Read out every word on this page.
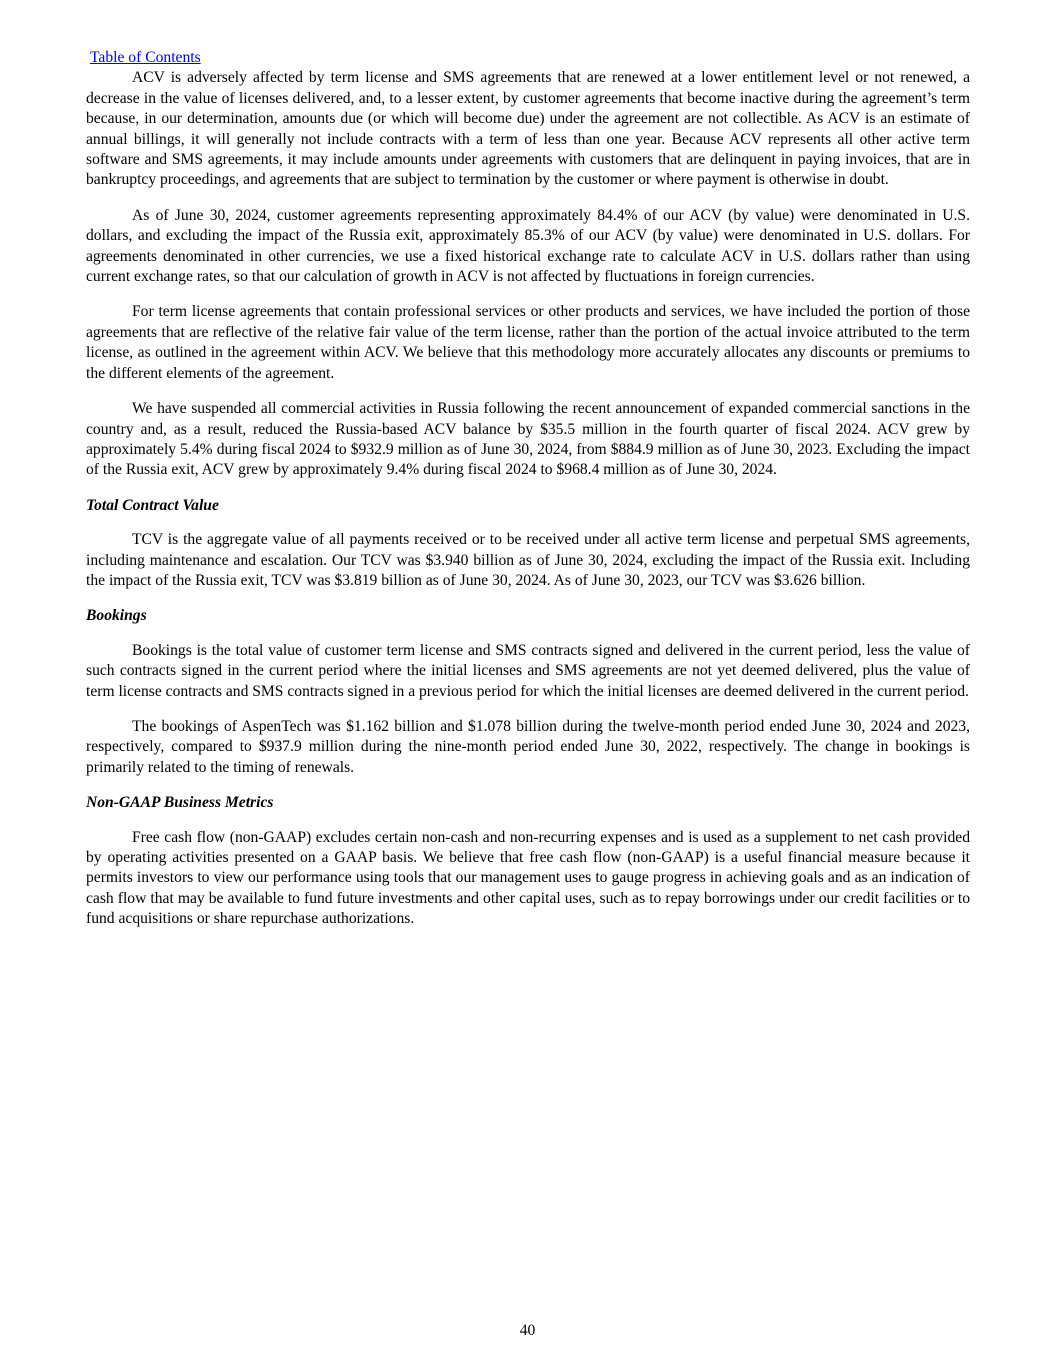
Table of Contents

ACV is adversely affected by term license and SMS agreements that are renewed at a lower entitlement level or not renewed, a decrease in the value of licenses delivered, and, to a lesser extent, by customer agreements that become inactive during the agreement’s term because, in our determination, amounts due (or which will become due) under the agreement are not collectible. As ACV is an estimate of annual billings, it will generally not include contracts with a term of less than one year. Because ACV represents all other active term software and SMS agreements, it may include amounts under agreements with customers that are delinquent in paying invoices, that are in bankruptcy proceedings, and agreements that are subject to termination by the customer or where payment is otherwise in doubt.

As of June 30, 2024, customer agreements representing approximately 84.4% of our ACV (by value) were denominated in U.S. dollars, and excluding the impact of the Russia exit, approximately 85.3% of our ACV (by value) were denominated in U.S. dollars. For agreements denominated in other currencies, we use a fixed historical exchange rate to calculate ACV in U.S. dollars rather than using current exchange rates, so that our calculation of growth in ACV is not affected by fluctuations in foreign currencies.

For term license agreements that contain professional services or other products and services, we have included the portion of those agreements that are reflective of the relative fair value of the term license, rather than the portion of the actual invoice attributed to the term license, as outlined in the agreement within ACV. We believe that this methodology more accurately allocates any discounts or premiums to the different elements of the agreement.

We have suspended all commercial activities in Russia following the recent announcement of expanded commercial sanctions in the country and, as a result, reduced the Russia-based ACV balance by $35.5 million in the fourth quarter of fiscal 2024. ACV grew by approximately 5.4% during fiscal 2024 to $932.9 million as of June 30, 2024, from $884.9 million as of June 30, 2023. Excluding the impact of the Russia exit, ACV grew by approximately 9.4% during fiscal 2024 to $968.4 million as of June 30, 2024.

Total Contract Value

TCV is the aggregate value of all payments received or to be received under all active term license and perpetual SMS agreements, including maintenance and escalation. Our TCV was $3.940 billion as of June 30, 2024, excluding the impact of the Russia exit. Including the impact of the Russia exit, TCV was $3.819 billion as of June 30, 2024. As of June 30, 2023, our TCV was $3.626 billion.

Bookings

Bookings is the total value of customer term license and SMS contracts signed and delivered in the current period, less the value of such contracts signed in the current period where the initial licenses and SMS agreements are not yet deemed delivered, plus the value of term license contracts and SMS contracts signed in a previous period for which the initial licenses are deemed delivered in the current period.

The bookings of AspenTech was $1.162 billion and $1.078 billion during the twelve-month period ended June 30, 2024 and 2023, respectively, compared to $937.9 million during the nine-month period ended June 30, 2022, respectively. The change in bookings is primarily related to the timing of renewals.

Non-GAAP Business Metrics

Free cash flow (non-GAAP) excludes certain non-cash and non-recurring expenses and is used as a supplement to net cash provided by operating activities presented on a GAAP basis. We believe that free cash flow (non-GAAP) is a useful financial measure because it permits investors to view our performance using tools that our management uses to gauge progress in achieving goals and as an indication of cash flow that may be available to fund future investments and other capital uses, such as to repay borrowings under our credit facilities or to fund acquisitions or share repurchase authorizations.

40
